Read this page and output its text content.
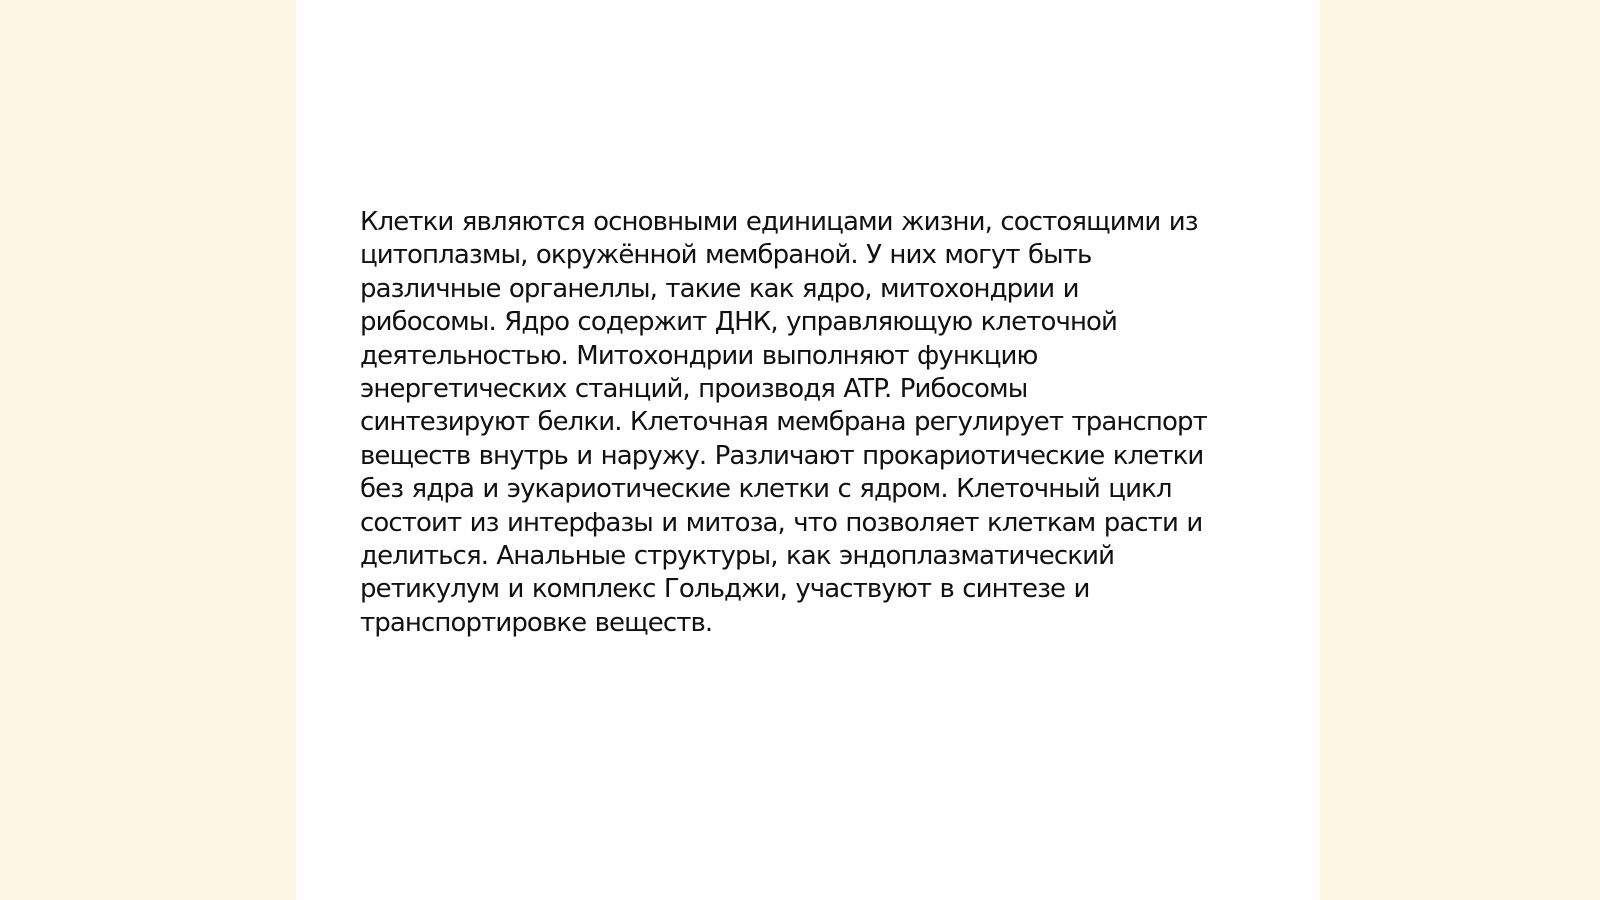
Клетки являются основными единицами жизни, состоящими из
цитоплазмы, окружённой мембраной. У них могут быть
различные органеллы, такие как ядро, митохондрии и
рибосомы. Ядро содержит ДНК, управляющую клеточной
деятельностью. Митохондрии выполняют функцию
энергетических станций, производя ATP. Рибосомы
синтезируют белки. Клеточная мембрана регулирует транспорт
веществ внутрь и наружу. Различают прокариотические клетки
без ядра и эукариотические клетки с ядром. Клеточный цикл
состоит из интерфазы и митоза, что позволяет клеткам расти и
делиться. Анальные структуры, как эндоплазматический
ретикулум и комплекс Гольджи, участвуют в синтезе и
транспортировке веществ.
